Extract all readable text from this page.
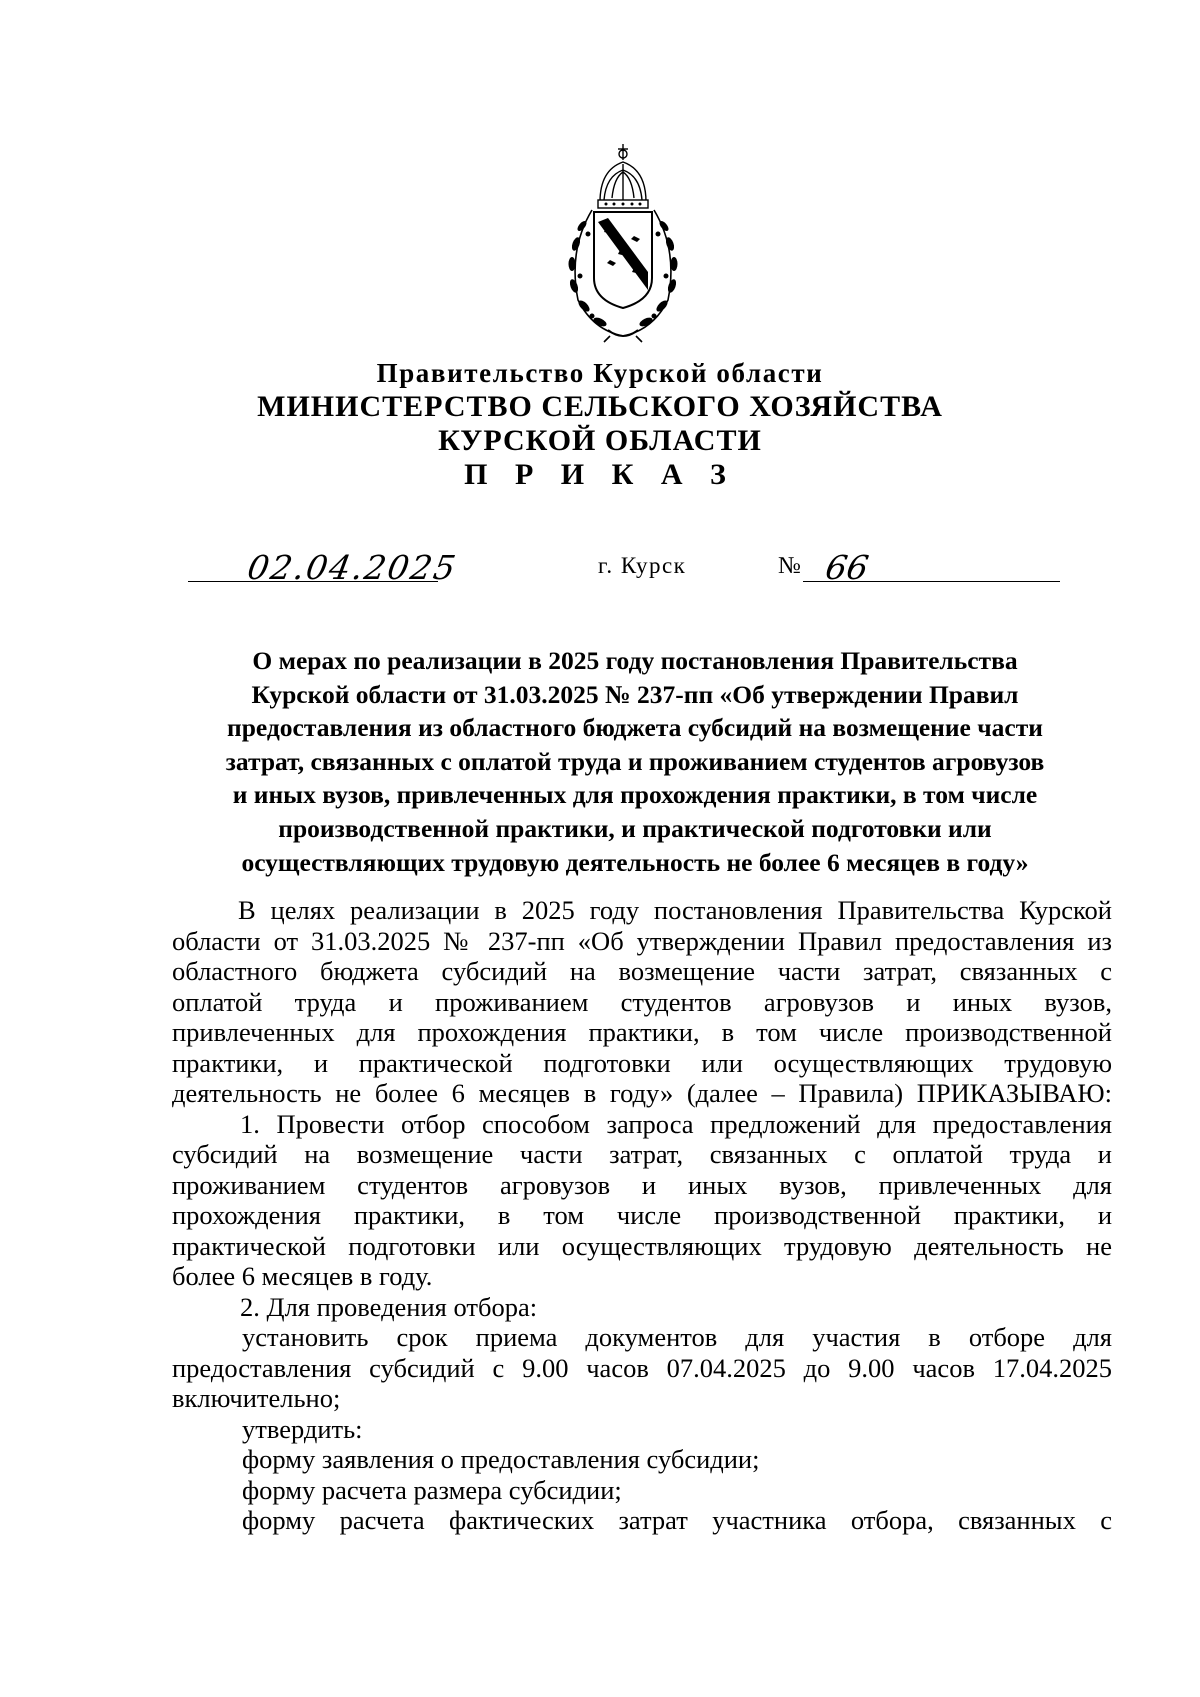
Правительство Курской области
МИНИСТЕРСТВО СЕЛЬСКОГО ХОЗЯЙСТВА
КУРСКОЙ ОБЛАСТИ
П Р И К А З
02.04.2025	г. Курск	№ 66
О мерах по реализации в 2025 году постановления Правительства
Курской области от 31.03.2025 № 237-пп «Об утверждении Правил
предоставления из областного бюджета субсидий на возмещение части
затрат, связанных с оплатой труда и проживанием студентов агровузов
и иных вузов, привлеченных для прохождения практики, в том числе
производственной практики, и практической подготовки или
осуществляющих трудовую деятельность не более 6 месяцев в году»
В целях реализации в 2025 году постановления Правительства Курской
области от 31.03.2025 № 237-пп «Об утверждении Правил предоставления из
областного бюджета субсидий на возмещение части затрат, связанных с
оплатой труда и проживанием студентов агровузов и иных вузов,
привлеченных для прохождения практики, в том числе производственной
практики, и практической подготовки или осуществляющих трудовую
деятельность не более 6 месяцев в году» (далее – Правила) ПРИКАЗЫВАЮ:
1. Провести отбор способом запроса предложений для предоставления
субсидий на возмещение части затрат, связанных с оплатой труда и
проживанием студентов агровузов и иных вузов, привлеченных для
прохождения практики, в том числе производственной практики, и
практической подготовки или осуществляющих трудовую деятельность не
более 6 месяцев в году.
2. Для проведения отбора:
установить срок приема документов для участия в отборе для
предоставления субсидий с 9.00 часов 07.04.2025 до 9.00 часов 17.04.2025
включительно;
утвердить:
форму заявления о предоставления субсидии;
форму расчета размера субсидии;
форму расчета фактических затрат участника отбора, связанных с
